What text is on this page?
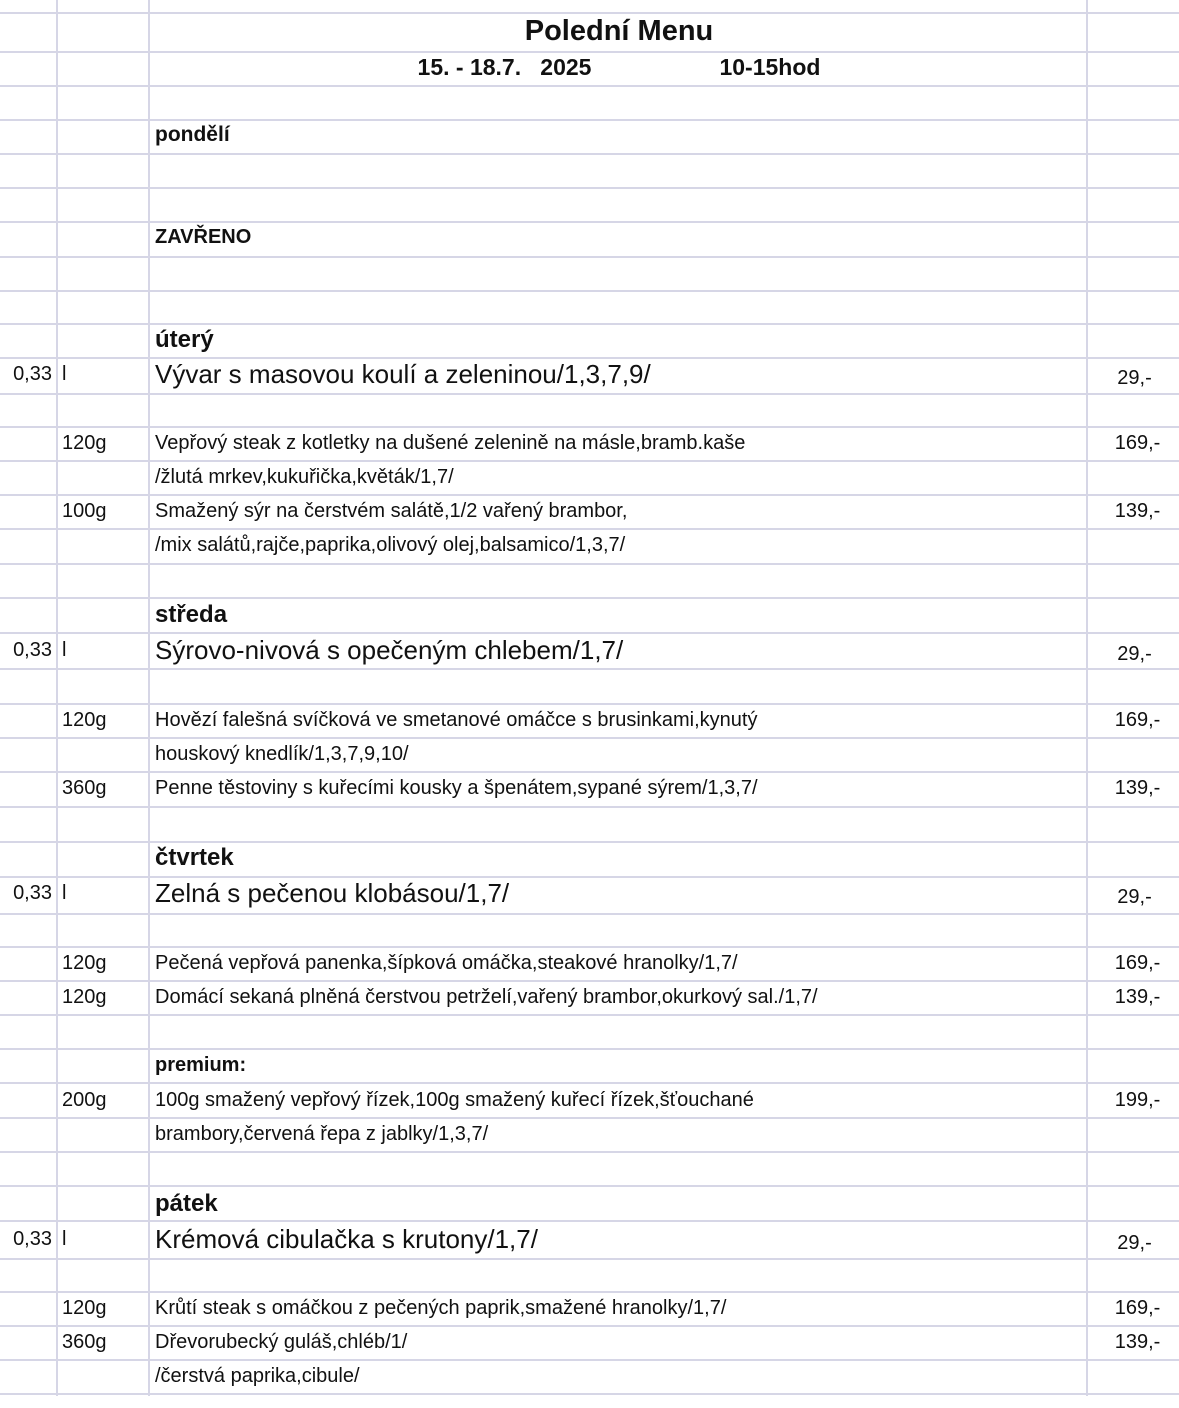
Polední Menu
15. - 18.7.   2025	10-15hod
pondělí
ZAVŘENO
úterý
0,33 l	Vývar s masovou koulí a zeleninou/1,3,7,9/	29,-
120g	Vepřový steak z kotletky na dušené zelenině na másle,bramb.kaše	169,-
/žlutá mrkev,kukuřička,květák/1,7/
100g	Smažený sýr na čerstvém salátě,1/2 vařený brambor,	139,-
/mix salátů,rajče,paprika,olivový olej,balsamico/1,3,7/
středa
0,33 l	Sýrovo-nivová s opečeným chlebem/1,7/	29,-
120g	Hovězí falešná svíčková ve smetanové omáčce s brusinkami,kynutý	169,-
houskový knedlík/1,3,7,9,10/
360g	Penne těstoviny s kuřecími kousky a špenátem,sypané sýrem/1,3,7/	139,-
čtvrtek
0,33 l	Zelná s pečenou klobásou/1,7/	29,-
120g	Pečená vepřová panenka,šípková omáčka,steakové hranolky/1,7/	169,-
120g	Domácí sekaná plněná čerstvou petrželí,vařený brambor,okurkový sal./1,7/	139,-
premium:
200g	100g smažený vepřový řízek,100g smažený kuřecí řízek,šťouchané	199,-
brambory,červená řepa z jablky/1,3,7/
pátek
0,33 l	Krémová cibulačka s krutony/1,7/	29,-
120g	Krůtí steak s omáčkou z pečených paprik,smažené hranolky/1,7/	169,-
360g	Dřevorubecký guláš,chléb/1/	139,-
/čerstvá paprika,cibule/
